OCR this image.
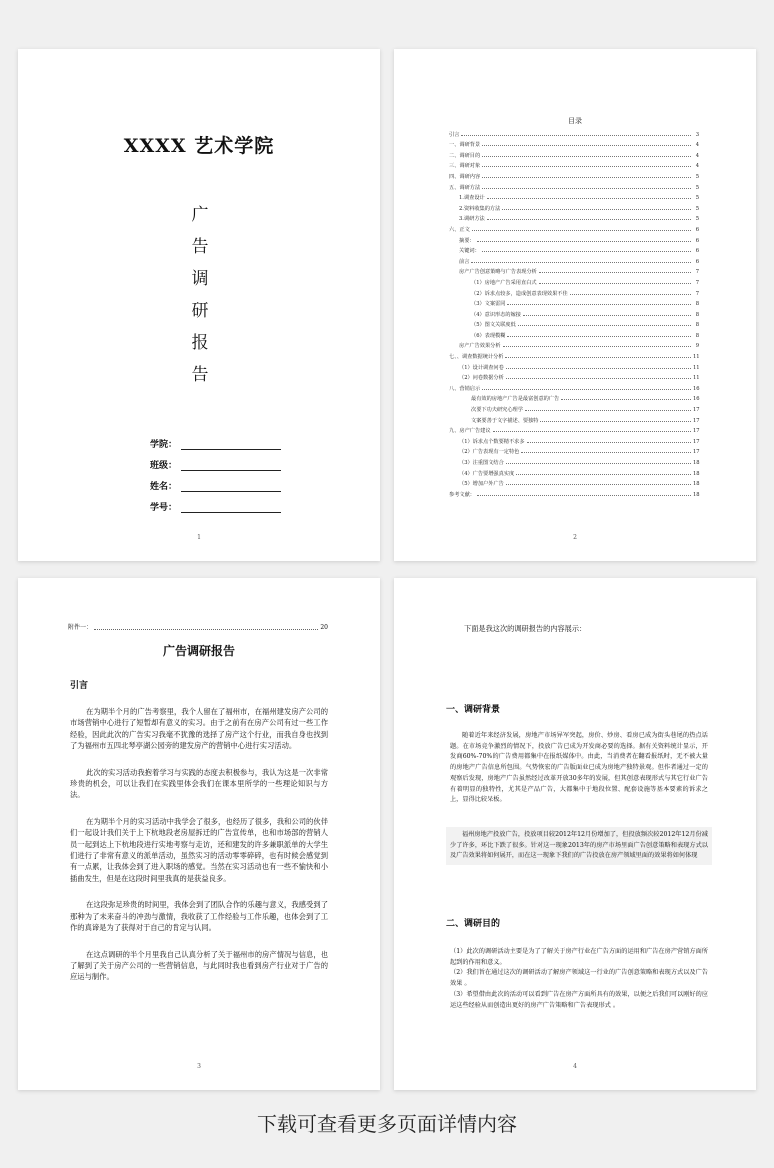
XXXX 艺术学院
广
告
调
研
报
告
学院：
班级：
姓名：
学号：
1
目录
引言	3
一、调研背景	4
二、调研目的	4
三、调研对象	4
四、调研内容	5
五、调研方法	5
1.调查设计	5
2.资料收集的方法	5
3.调研方法	5
六、正文	6
摘要：	6
关键词：	6
前言	6
房产广告创意策略与广告表现分析	7
（1）房地产广告采用直白式	7
（2）诉求点较多，造成创意表现效果不佳	7
（3）文案雷同	8
（4）意识形态的嫁接	8
（5）图文关联度低	8
（6）表现模糊	8
房产广告效果分析	9
七、、调查数据统计分析	11
（1）设计调查问卷	11
（2）问卷数据分析	11
八、营销启示	16
最有效的房地产广告是最富创意的广告	16
次要下功夫研究心理学	17
文案要善于文字描述、要独特	17
九、房产广告建议	17
（1）诉求点个数要精不求多	17
（2）广告表现有一定特色	17
（3）注重图文结合	18
（4）广告要增强真实度	18
（5）增加户外广告	18
参考文献：	18
2
附件一：	20
广告调研报告
引言

在为期半个月的广告考察里，我个人留在了福州市，在福州建发房产公司的市场营销中心进行了短暂却有意义的实习。由于之前有在房产公司有过一些工作经验，因此此次的广告实习我毫不犹豫的选择了房产这个行业，而我自身也找到了为福州市五四北琴亭湖公园旁的建发房产的营销中心进行实习活动。

此次的实习活动我抱着学习与实践的态度去积极参与，我认为这是一次非常珍贵的机会，可以让我们在实践里体会我们在课本里所学的一些理论知识与方法。

在为期半个月的实习活动中我学会了很多，也经历了很多，我和公司的伙伴们一起设计我们关于上下杭地段老房屋拆迁的广告宣传单，也和市场部的营销人员一起到达上下杭地段进行实地考察与走访，还和建发的许多兼职派单的大学生们进行了非常有意义的派单活动，虽然实习的活动零零碎碎，也有时候会感觉到有一点累，让我体会到了进入职场的感觉。当然在实习活动也有一些不愉快和小插曲发生，但是在这段时间里我真的是获益良多。

在这段弥足珍贵的时间里，我体会到了团队合作的乐趣与意义，我感受到了那种为了未来奋斗的冲劲与激情，我收获了工作经验与工作乐趣，也体会到了工作的真谛是为了获得对于自己的肯定与认同。

在这点调研的半个月里我自己认真分析了关于福州市的房产情况与信息，也了解到了关于房产公司的一些营销信息，与此同时我也看到房产行业对于广告的应运与制作。

3
下面是我这次的调研报告的内容展示：
一、调研背景

随着近年来经济发展，房地产市场异军突起，房价、炒房、看房已成为街头巷尾的热点话题。在市场竞争激烈的情况下，投放广告已成为开发商必要的选择。据有关资料统计显示，开发商60%-70%的广告费用都集中在报纸媒体中。由此，当消费者在翻看报纸时，无不被大量的房地产广告信息所包围。气势恢宏的广告版面业已成为房地产独特景观。但作者通过一定的观察后发现，房地产广告虽然经过改革开放30多年的发展，但其创意表现形式与其它行业广告有着明显的独特性，尤其是产品广告，大都集中于地段位置、配套设施等基本要素的诉求之上，显得比较呆板。

福州房地产投放广告，投放项目较2012年12月份增加了，但投放频次较2012年12月份减少了许多，环比下跌了很多。针对这一现象2013年的房产市场里面广告创意策略和表现方式以及广告效果将如何展开，而在这一现象下我们的广告投放在房产领域里面的效果将如何体现

二、调研目的

（1）此次的调研活动主要是为了了解关于房产行业在广告方面的运用和广告在房产营销方面所起到的作用和意义。

（2）我们旨在通过这次的调研活动了解房产领域这一行业的广告创意策略和表现方式以及广告效果 。

（3）希望借由此次的活动可以看到广告在房产方面所具有的效果，以便之后我们可以刚好的应运这些经验从而创造出更好的房产广告策略和广告表现形式 。

4
下载可查看更多页面详情内容
